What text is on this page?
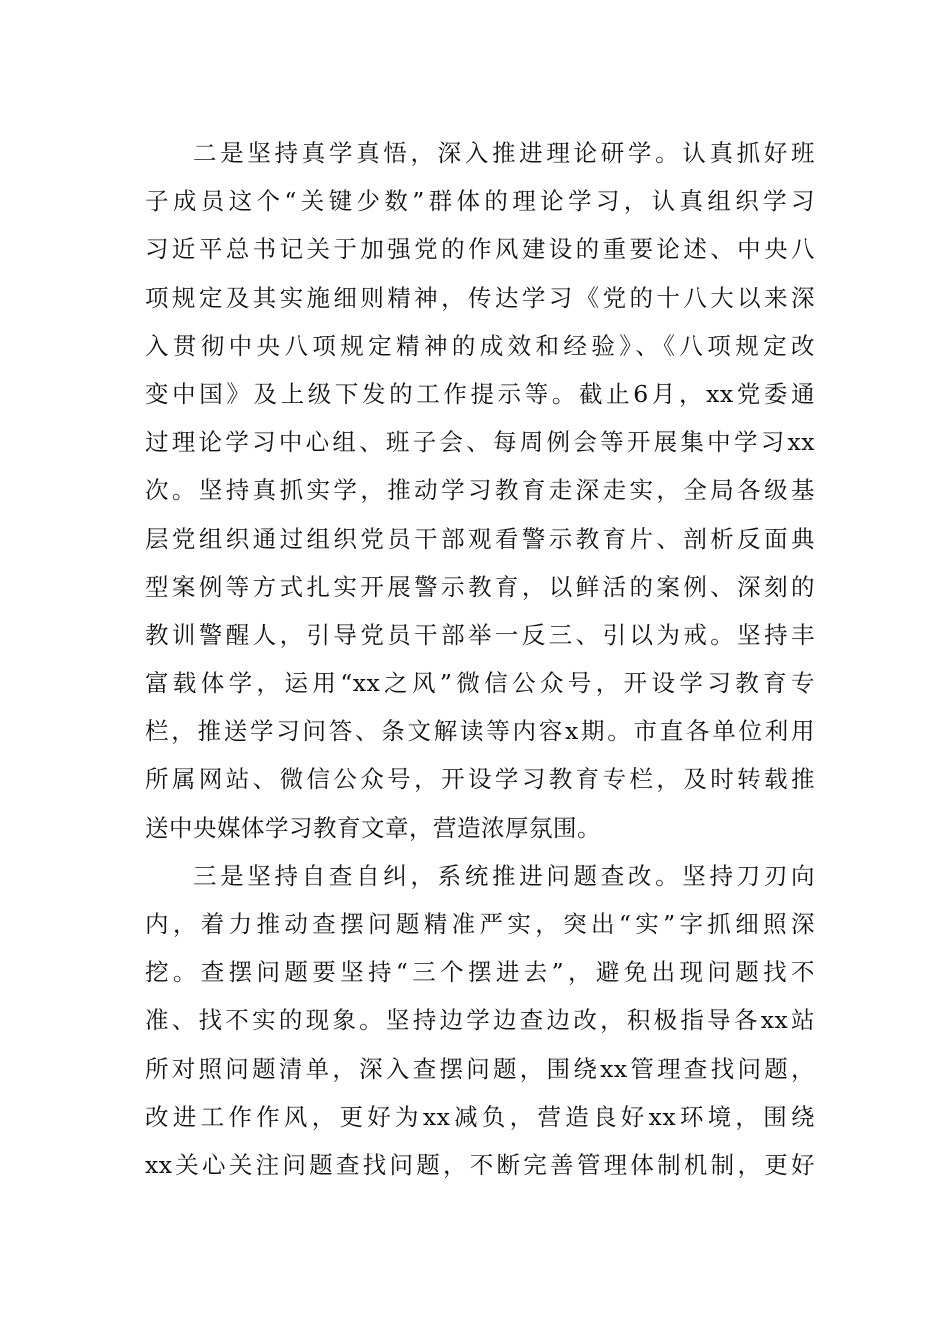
二是坚持真学真悟，深入推进理论研学。认真抓好班
子成员这个“关键少数”群体的理论学习，认真组织学习
习近平总书记关于加强党的作风建设的重要论述、中央八
项规定及其实施细则精神，传达学习《党的十八大以来深
入贯彻中央八项规定精神的成效和经验》、《八项规定改
变中国》及上级下发的工作提示等。截止6月，xx党委通
过理论学习中心组、班子会、每周例会等开展集中学习xx
次。坚持真抓实学，推动学习教育走深走实，全局各级基
层党组织通过组织党员干部观看警示教育片、剖析反面典
型案例等方式扎实开展警示教育，以鲜活的案例、深刻的
教训警醒人，引导党员干部举一反三、引以为戒。坚持丰
富载体学，运用“xx之风”微信公众号，开设学习教育专
栏，推送学习问答、条文解读等内容x期。市直各单位利用
所属网站、微信公众号，开设学习教育专栏，及时转载推
送中央媒体学习教育文章，营造浓厚氛围。
三是坚持自查自纠，系统推进问题查改。坚持刀刃向
内，着力推动查摆问题精准严实，突出“实”字抓细照深
挖。查摆问题要坚持“三个摆进去”，避免出现问题找不
准、找不实的现象。坚持边学边查边改，积极指导各xx站
所对照问题清单，深入查摆问题，围绕xx管理查找问题，
改进工作作风，更好为xx减负，营造良好xx环境，围绕
xx关心关注问题查找问题，不断完善管理体制机制，更好
